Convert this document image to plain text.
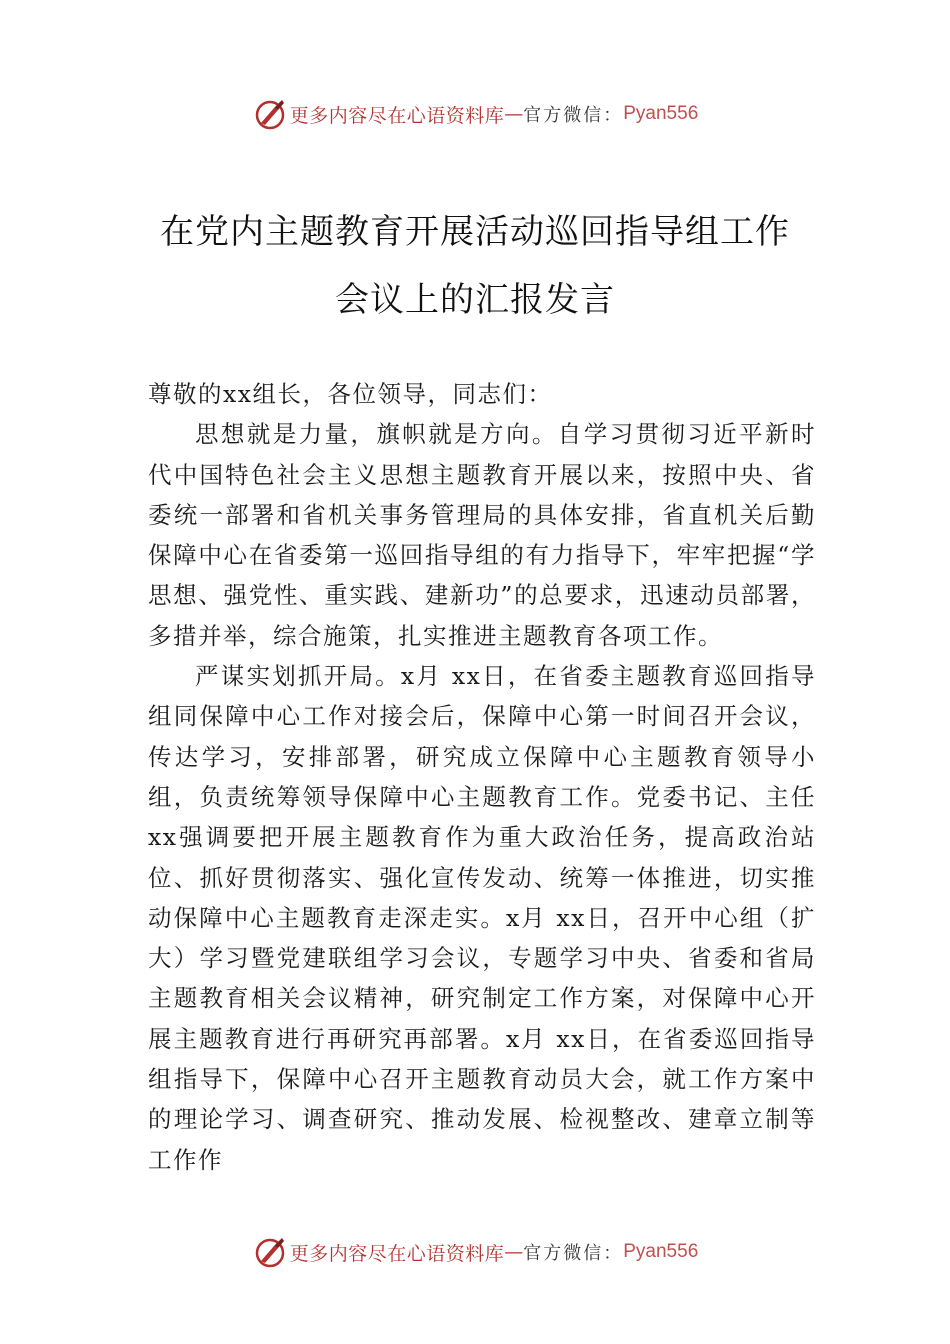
更多内容尽在心语资料库 — 官方微信： Pyan556
在党内主题教育开展活动巡回指导组工作
会议上的汇报发言

尊敬的xx组长，各位领导，同志们：

思想就是力量，旗帜就是方向。自学习贯彻习近平新时代中国特色社会主义思想主题教育开展以来，按照中央、省委统一部署和省机关事务管理局的具体安排，省直机关后勤保障中心在省委第一巡回指导组的有力指导下，牢牢把握“学思想、强党性、重实践、建新功”的总要求，迅速动员部署，多措并举，综合施策，扎实推进主题教育各项工作。

严谋实划抓开局。x月 xx日，在省委主题教育巡回指导组同保障中心工作对接会后，保障中心第一时间召开会议，传达学习，安排部署，研究成立保障中心主题教育领导小组，负责统筹领导保障中心主题教育工作。党委书记、主任 xx强调要把开展主题教育作为重大政治任务，提高政治站位、抓好贯彻落实、强化宣传发动、统筹一体推进，切实推动保障中心主题教育走深走实。x月 xx日，召开中心组（扩大）学习暨党建联组学习会议，专题学习中央、省委和省局主题教育相关会议精神，研究制定工作方案，对保障中心开展主题教育进行再研究再部署。x月 xx日，在省委巡回指导组指导下，保障中心召开主题教育动员大会，就工作方案中的理论学习、调查研究、推动发展、检视整改、建章立制等工作作

更多内容尽在心语资料库 — 官方微信： Pyan556
